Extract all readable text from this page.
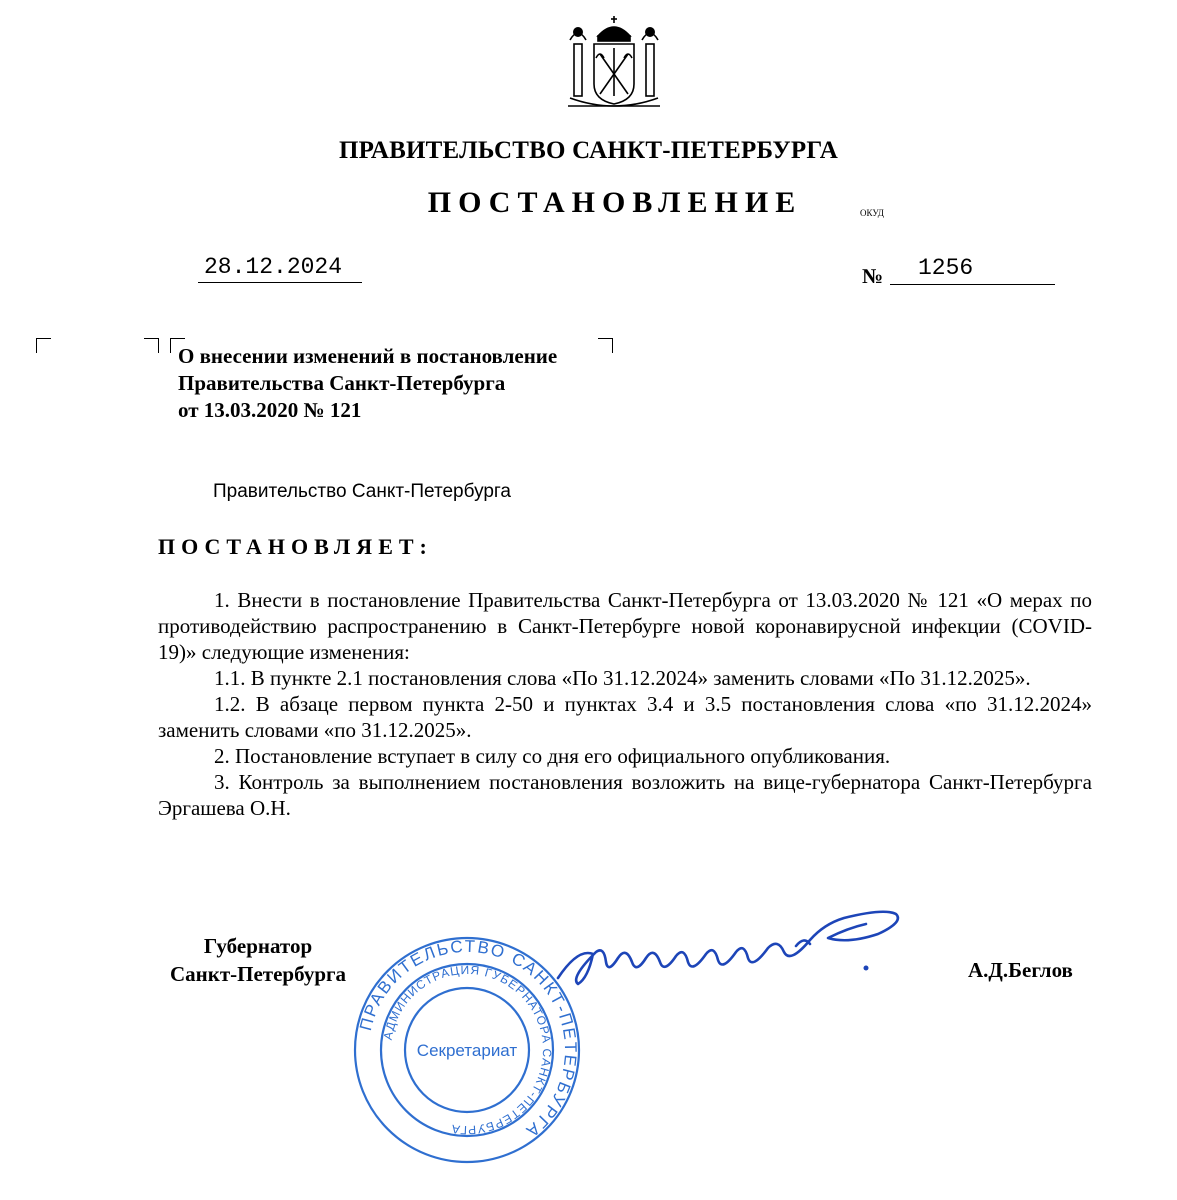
ПРАВИТЕЛЬСТВО САНКТ-ПЕТЕРБУРГА
ПОСТАНОВЛЕНИЕ	ОКУД
28.12.2024	№ 1256
О внесении изменений в постановление
Правительства Санкт-Петербурга
от 13.03.2020 № 121
Правительство Санкт-Петербурга
ПОСТАНОВЛЯЕТ:

1. Внести в постановление Правительства Санкт-Петербурга от 13.03.2020 № 121 «О мерах по противодействию распространению в Санкт-Петербурге новой коронавирусной инфекции (COVID-19)» следующие изменения:

1.1. В пункте 2.1 постановления слова «По 31.12.2024» заменить словами «По 31.12.2025».

1.2. В абзаце первом пункта 2-50 и пунктах 3.4 и 3.5 постановления слова «по 31.12.2024» заменить словами «по 31.12.2025».

2. Постановление вступает в силу со дня его официального опубликования.

3. Контроль за выполнением постановления возложить на вице-губернатора Санкт-Петербурга Эргашева О.Н.

Губернатор
Санкт-Петербурга	А.Д.Беглов
ПРАВИТЕЛЬСТВО САНКТ-ПЕТЕРБУРГА
АДМИНИСТРАЦИЯ ГУБЕРНАТОРА САНКТ-ПЕТЕРБУРГА
Секретариат
